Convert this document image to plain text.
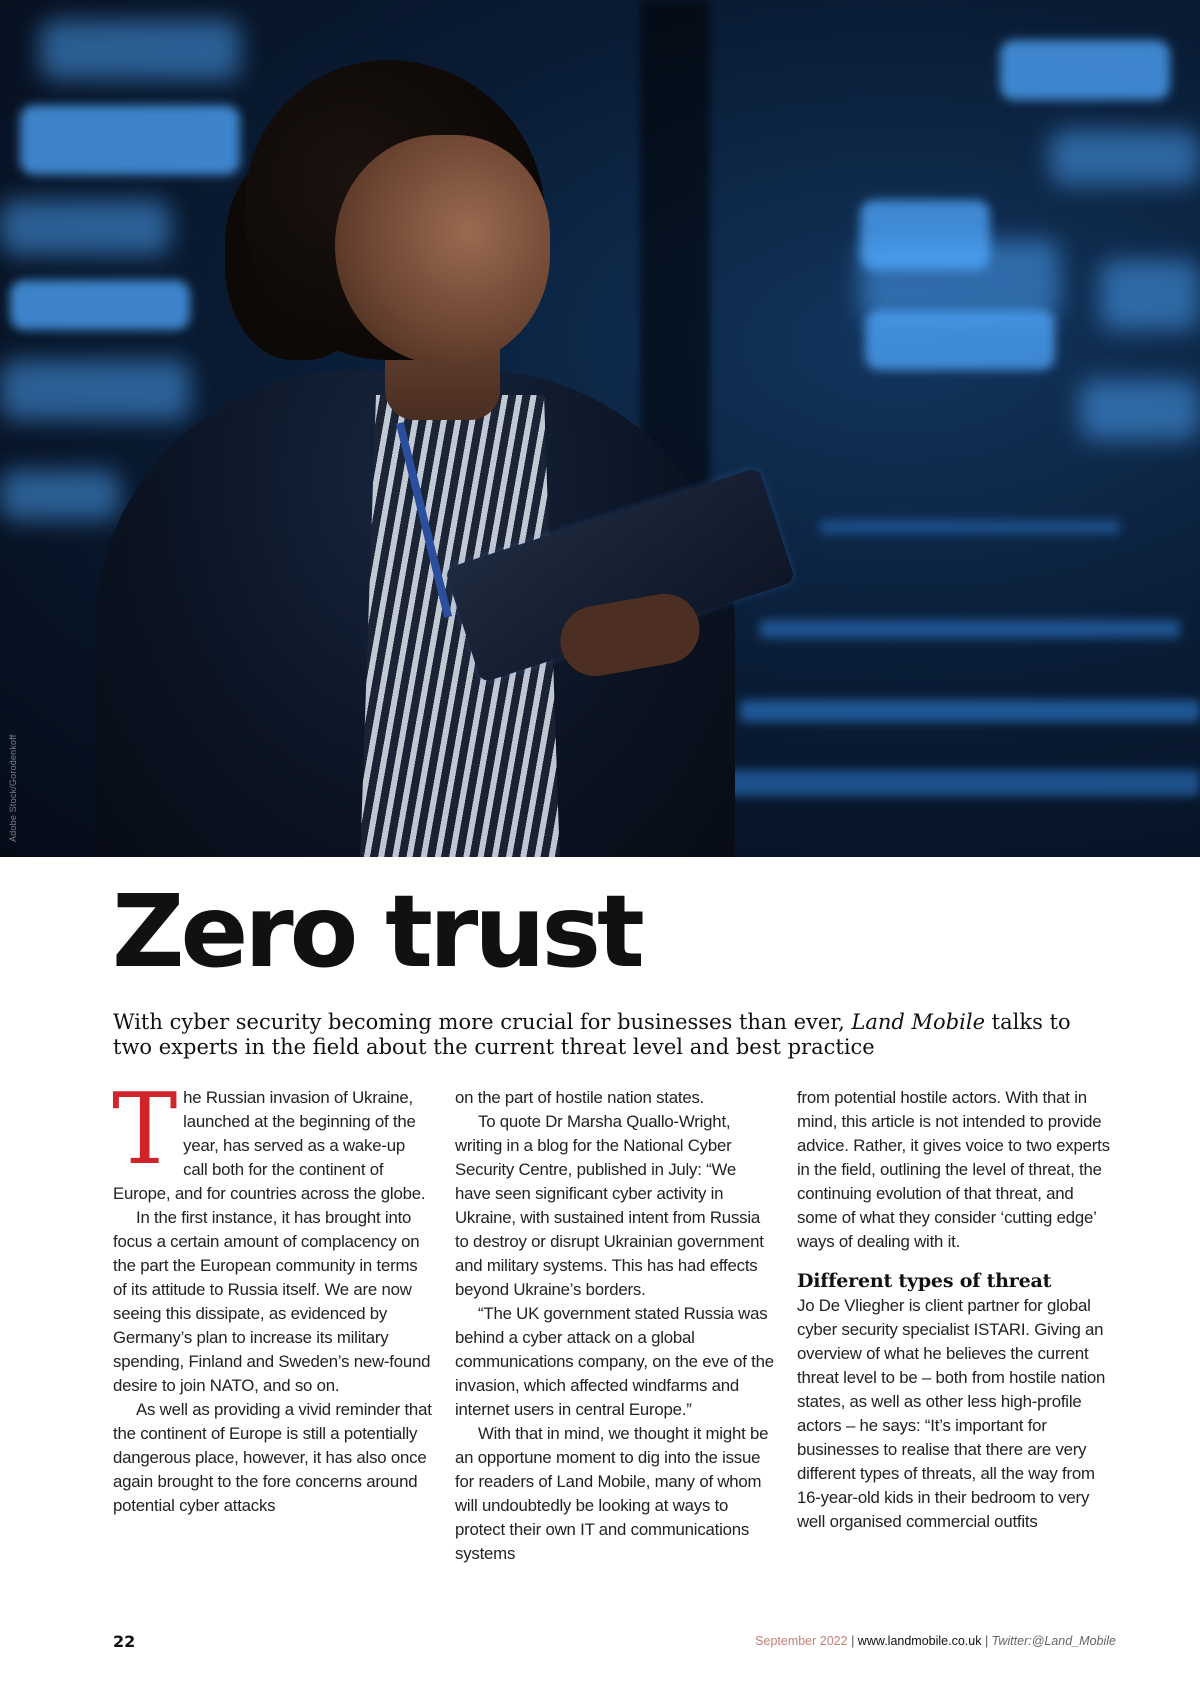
Adobe Stock/Gorodenkoff
Zero trust

With cyber security becoming more crucial for businesses than ever, Land Mobile talks to two experts in the field about the current threat level and best practice

The Russian invasion of Ukraine, launched at the beginning of the year, has served as a wake-up call both for the continent of Europe, and for countries across the globe.

In the first instance, it has brought into focus a certain amount of complacency on the part the European community in terms of its attitude to Russia itself. We are now seeing this dissipate, as evidenced by Germany’s plan to increase its military spending, Finland and Sweden’s new-found desire to join NATO, and so on.

As well as providing a vivid reminder that the continent of Europe is still a potentially dangerous place, however, it has also once again brought to the fore concerns around potential cyber attacks

on the part of hostile nation states.

To quote Dr Marsha Quallo-Wright, writing in a blog for the National Cyber Security Centre, published in July: “We have seen significant cyber activity in Ukraine, with sustained intent from Russia to destroy or disrupt Ukrainian government and military systems. This has had effects beyond Ukraine’s borders.

“The UK government stated Russia was behind a cyber attack on a global communications company, on the eve of the invasion, which affected windfarms and internet users in central Europe.”

With that in mind, we thought it might be an opportune moment to dig into the issue for readers of Land Mobile, many of whom will undoubtedly be looking at ways to protect their own IT and communications systems

from potential hostile actors. With that in mind, this article is not intended to provide advice. Rather, it gives voice to two experts in the field, outlining the level of threat, the continuing evolution of that threat, and some of what they consider ‘cutting edge’ ways of dealing with it.

Different types of threat

Jo De Vliegher is client partner for global cyber security specialist ISTARI. Giving an overview of what he believes the current threat level to be – both from hostile nation states, as well as other less high-profile actors – he says: “It’s important for businesses to realise that there are very different types of threats, all the way from 16-year-old kids in their bedroom to very well organised commercial outfits

22	September 2022 | www.landmobile.co.uk | Twitter:@Land_Mobile
